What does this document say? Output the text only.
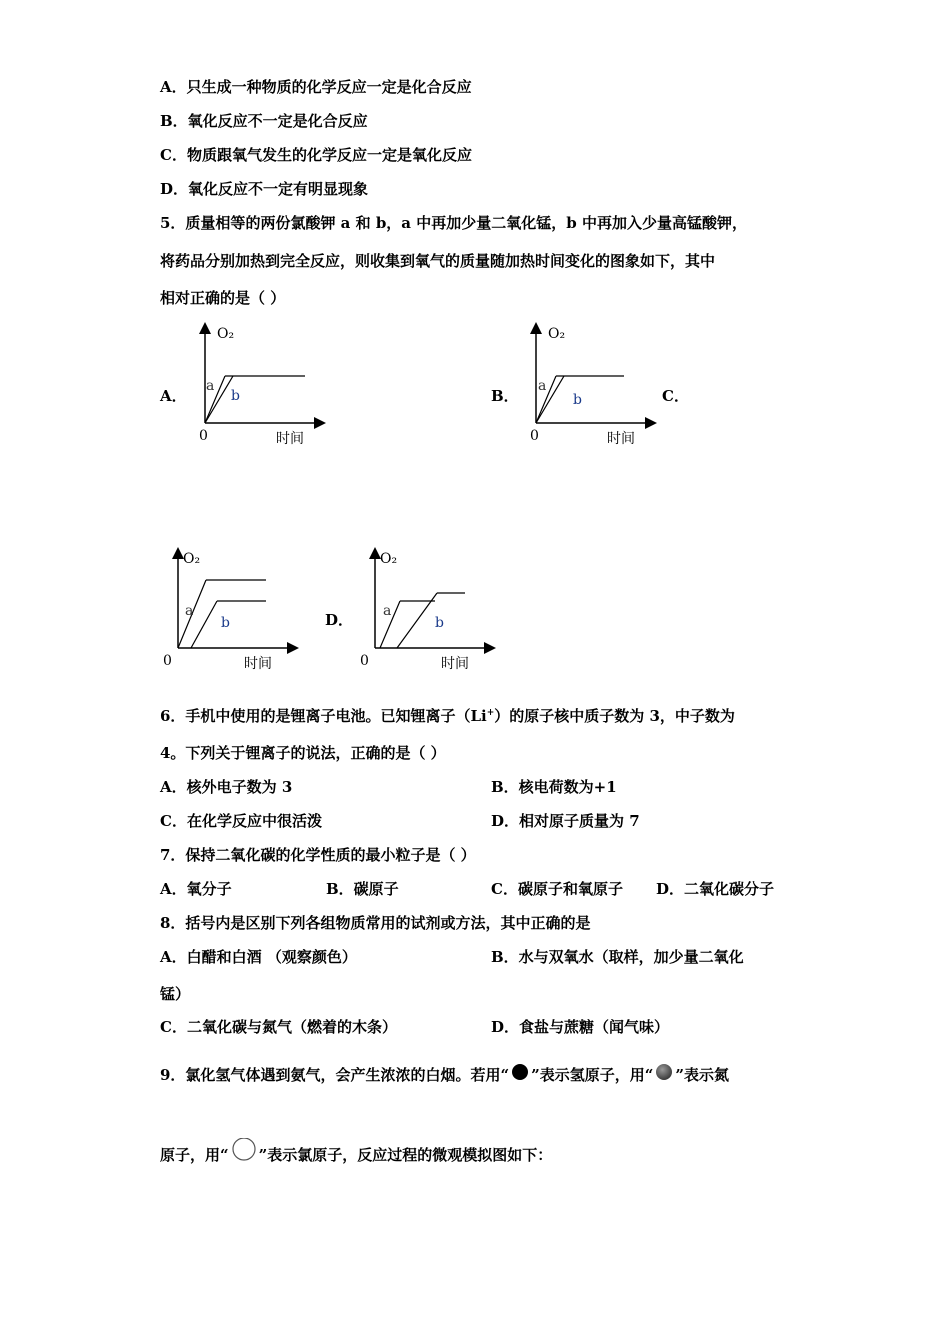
A．只生成一种物质的化学反应一定是化合反应
B．氧化反应不一定是化合反应
C．物质跟氧气发生的化学反应一定是氧化反应
D．氧化反应不一定有明显现象
5．质量相等的两份氯酸钾 a 和 b，a 中再加少量二氧化锰，b 中再加入少量高锰酸钾，
将药品分别加热到完全反应，则收集到氧气的质量随加热时间变化的图象如下，其中
相对正确的是（ ）
A．	B．	C．
D．
O₂
0	时间
a
b
O₂
0	时间
a
b
O₂
0	时间
a
b
O₂
0	时间
a
b
6．手机中使用的是锂离子电池。已知锂离子（Li+）的原子核中质子数为 3，中子数为
4。下列关于锂离子的说法，正确的是（ ）
A．核外电子数为 3	B．核电荷数为+1
C．在化学反应中很活泼	D．相对原子质量为 7
7．保持二氧化碳的化学性质的最小粒子是（ ）
A．氧分子	B．碳原子	C．碳原子和氧原子 D．二氧化碳分子
8．括号内是区别下列各组物质常用的试剂或方法，其中正确的是
A．白醋和白酒 （观察颜色）	B．水与双氧水（取样，加少量二氧化
锰）
C．二氧化碳与氮气（燃着的木条）	D．食盐与蔗糖（闻气味）
9．氯化氢气体遇到氨气，会产生浓浓的白烟。若用“ ”表示氢原子，用“ ”表示氮
原子，用“ ”表示氯原子，反应过程的微观模拟图如下：
